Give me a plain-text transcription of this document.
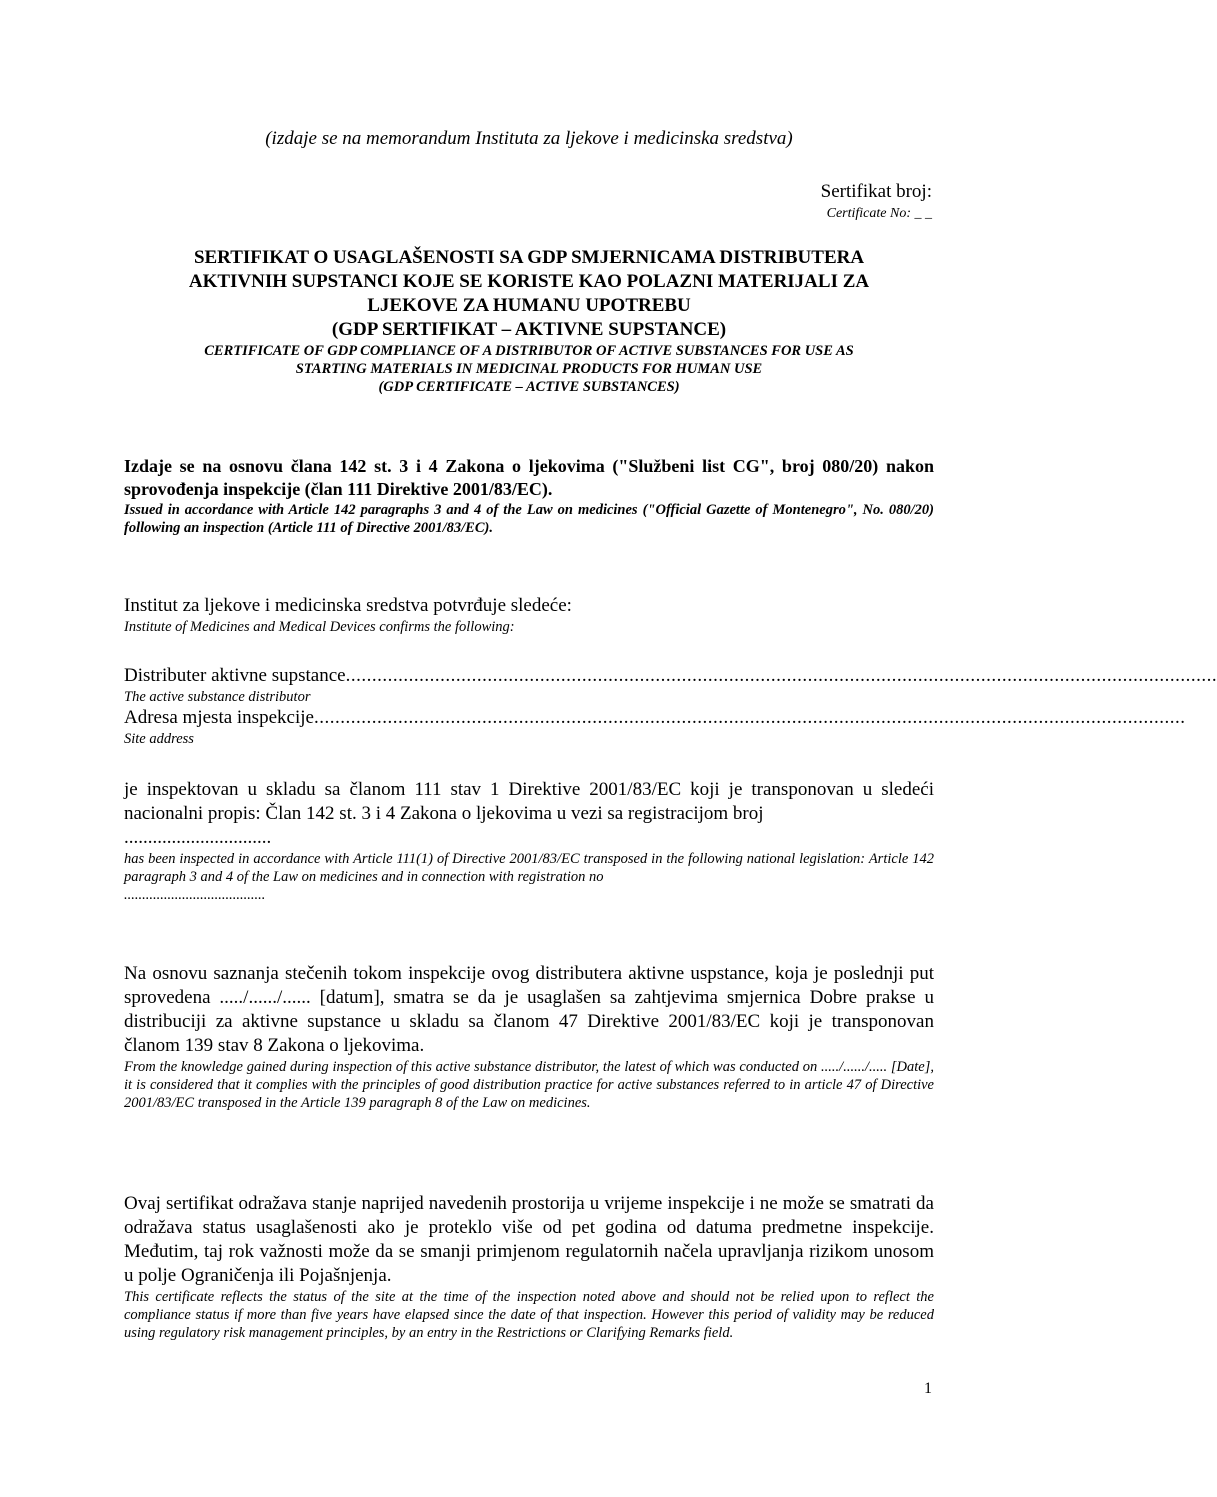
(izdaje se na memorandum Instituta za ljekove i medicinska sredstva)
Sertifikat broj:
Certificate No: _ _
SERTIFIKAT O USAGLAŠENOSTI SA GDP SMJERNICAMA DISTRIBUTERA
AKTIVNIH SUPSTANCI KOJE SE KORISTE KAO POLAZNI MATERIJALI ZA
LJEKOVE ZA HUMANU UPOTREBU
(GDP SERTIFIKAT – AKTIVNE SUPSTANCE)
CERTIFICATE OF GDP COMPLIANCE OF A DISTRIBUTOR OF ACTIVE SUBSTANCES FOR USE AS
STARTING MATERIALS IN MEDICINAL PRODUCTS FOR HUMAN USE
(GDP CERTIFICATE – ACTIVE SUBSTANCES)
Izdaje se na osnovu člana 142 st. 3 i 4 Zakona o ljekovima ("Službeni list CG", broj 080/20) nakon sprovođenja inspekcije (član 111 Direktive 2001/83/EC).
Issued in accordance with Article 142 paragraphs 3 and 4 of the Law on medicines ("Official Gazette of Montenegro", No. 080/20) following an inspection (Article 111 of Directive 2001/83/EC).
Institut za ljekove i medicinska sredstva potvrđuje sledeće:
Institute of Medicines and Medical Devices confirms the following:
Distributer aktivne supstance ......................................................................................................................................................................
The active substance distributor
Adresa mjesta inspekcije ......................................................................................................................................................................
Site address
je inspektovan u skladu sa članom 111 stav 1 Direktive 2001/83/EC koji je transponovan u sledeći nacionalni propis: Član 142 st. 3 i 4 Zakona o ljekovima u vezi sa registracijom broj
...............................
has been inspected in accordance with Article 111(1) of Directive 2001/83/EC transposed in the following national legislation: Article 142 paragraph 3 and 4 of the Law on medicines and in connection with registration no
.......................................
Na osnovu saznanja stečenih tokom inspekcije ovog distributera aktivne uspstance, koja je poslednji put sprovedena ...../....../...... [datum], smatra se da je usaglašen sa zahtjevima smjernica Dobre prakse u distribuciji za aktivne supstance u skladu sa članom 47 Direktive 2001/83/EC koji je transponovan članom 139 stav 8 Zakona o ljekovima.
From the knowledge gained during inspection of this active substance distributor, the latest of which was conducted on ...../....../..... [Date], it is considered that it complies with the principles of good distribution practice for active substances referred to in article 47 of Directive 2001/83/EC transposed in the Article 139 paragraph 8 of the Law on medicines.
Ovaj sertifikat odražava stanje naprijed navedenih prostorija u vrijeme inspekcije i ne može se smatrati da odražava status usaglašenosti ako je proteklo više od pet godina od datuma predmetne inspekcije. Međutim, taj rok važnosti može da se smanji primjenom regulatornih načela upravljanja rizikom unosom u polje Ograničenja ili Pojašnjenja.
This certificate reflects the status of the site at the time of the inspection noted above and should not be relied upon to reflect the compliance status if more than five years have elapsed since the date of that inspection. However this period of validity may be reduced using regulatory risk management principles, by an entry in the Restrictions or Clarifying Remarks field.
1
